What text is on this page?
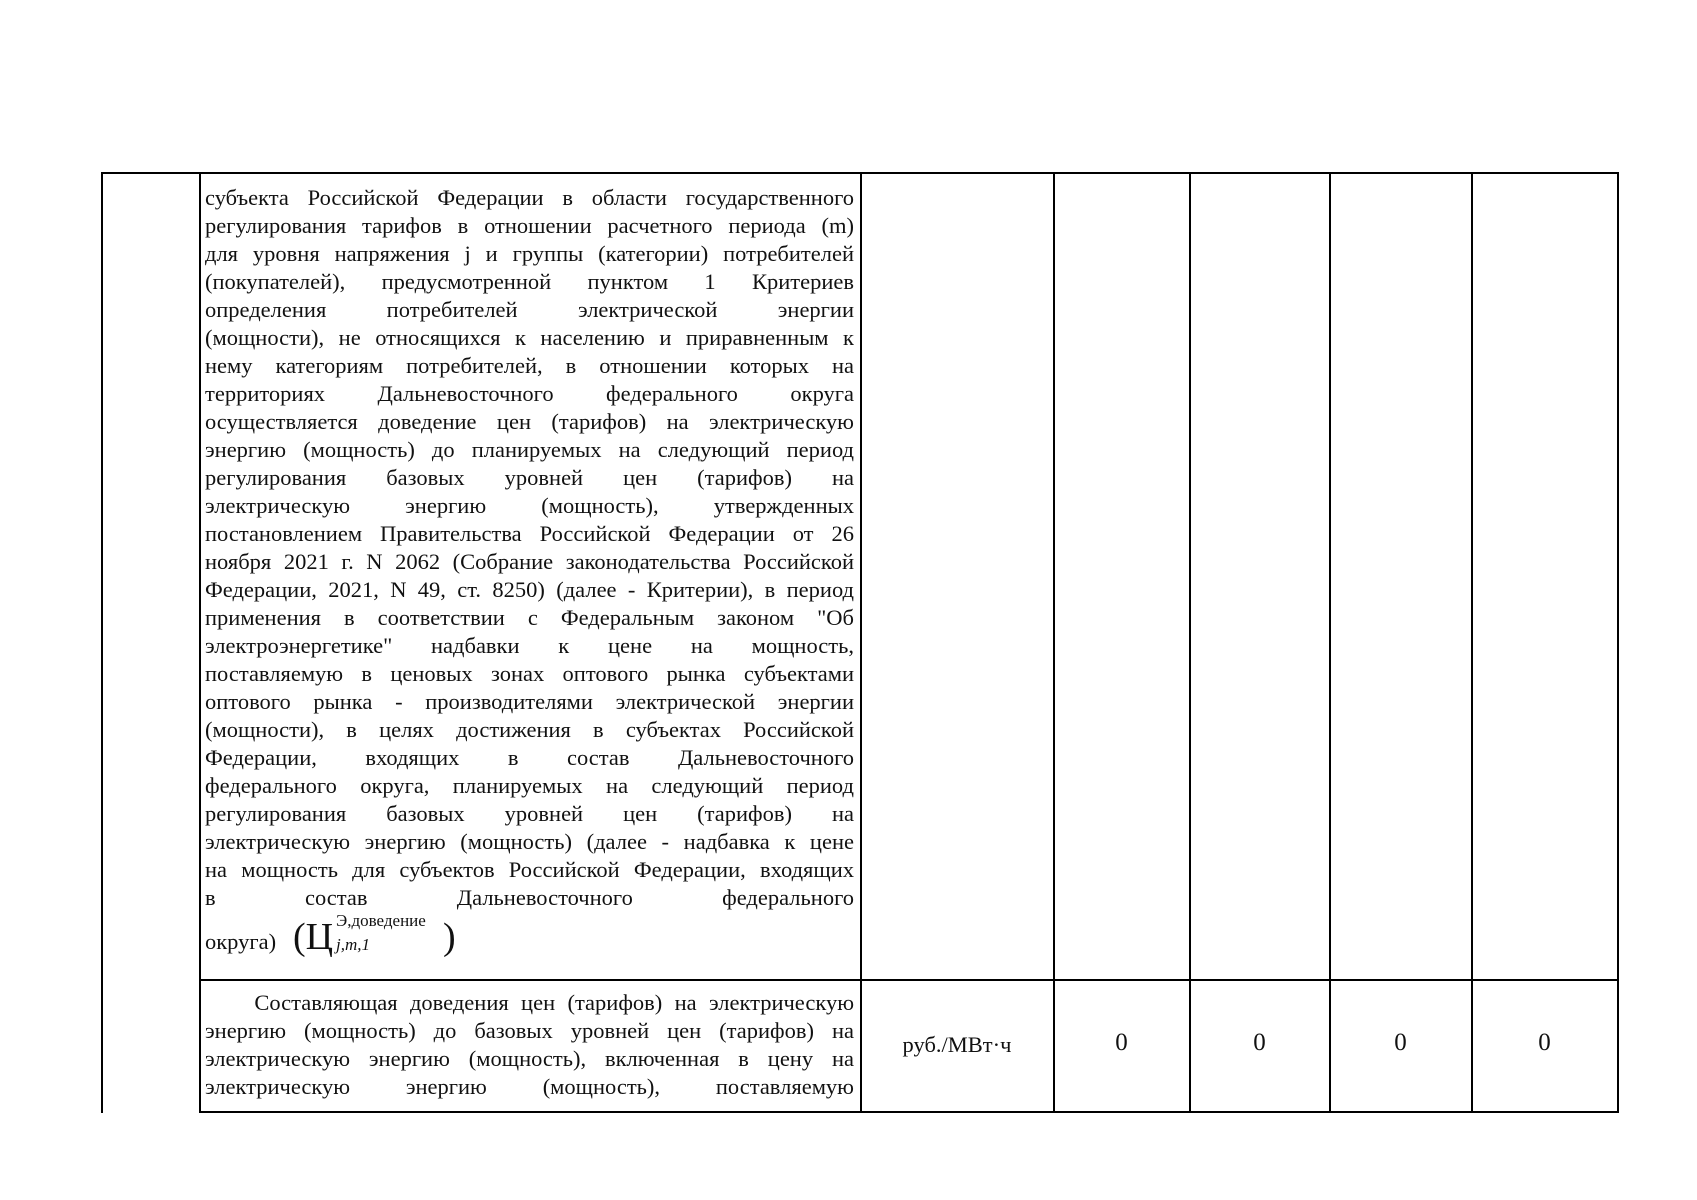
субъекта Российской Федерации в области государственного
регулирования тарифов в отношении расчетного периода (m)
для уровня напряжения j и группы (категории) потребителей
(покупателей), предусмотренной пунктом 1 Критериев
определения потребителей электрической энергии
(мощности), не относящихся к населению и приравненным к
нему категориям потребителей, в отношении которых на
территориях Дальневосточного федерального округа
осуществляется доведение цен (тарифов) на электрическую
энергию (мощность) до планируемых на следующий период
регулирования базовых уровней цен (тарифов) на
электрическую энергию (мощность), утвержденных
постановлением Правительства Российской Федерации от 26
ноября 2021 г. N 2062 (Собрание законодательства Российской
Федерации, 2021, N 49, ст. 8250) (далее - Критерии), в период
применения в соответствии с Федеральным законом "Об
электроэнергетике" надбавки к цене на мощность,
поставляемую в ценовых зонах оптового рынка субъектами
оптового рынка - производителями электрической энергии
(мощности), в целях достижения в субъектах Российской
Федерации, входящих в состав Дальневосточного
федерального округа, планируемых на следующий период
регулирования базовых уровней цен (тарифов) на
электрическую энергию (мощность) (далее - надбавка к цене
на мощность для субъектов Российской Федерации, входящих
в состав Дальневосточного федерального
округа) (Ц Э,доведение
j,m,1 )
Составляющая доведения цен (тарифов) на электрическую
энергию (мощность) до базовых уровней цен (тарифов) на
электрическую энергию (мощность), включенная в цену на
электрическую энергию (мощность), поставляемую
руб./МВт·ч	0	0	0	0
